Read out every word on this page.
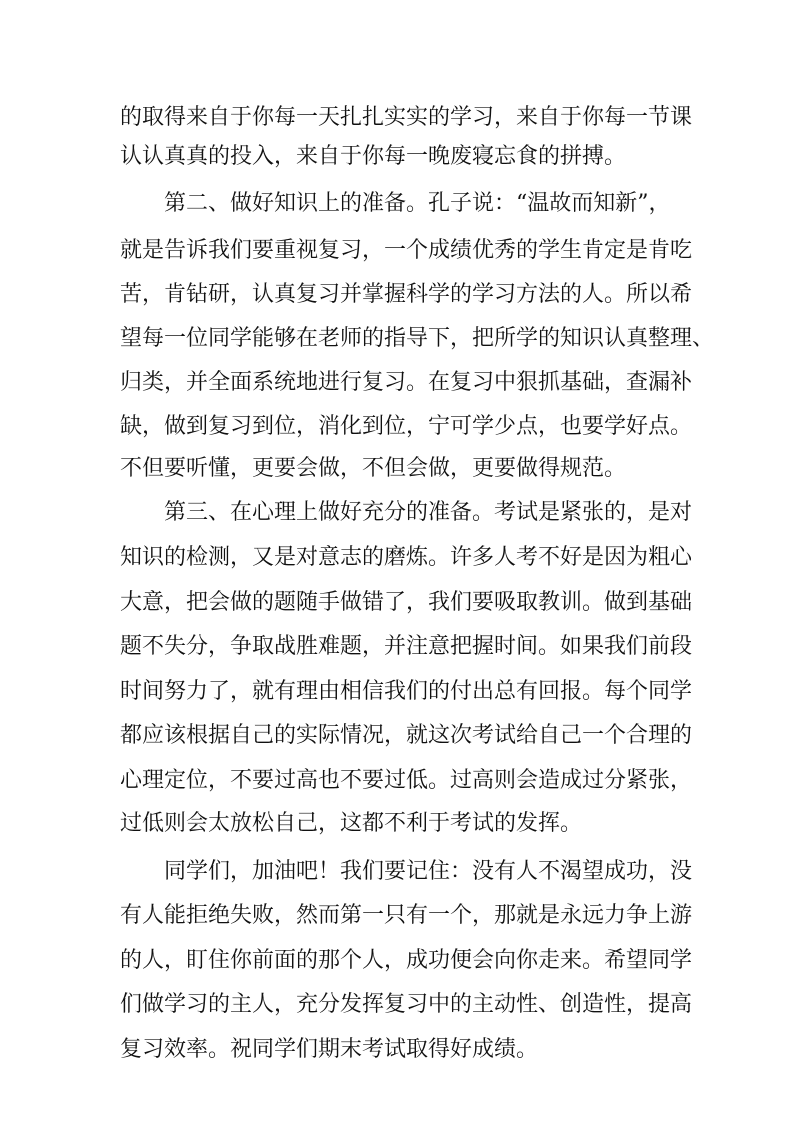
的取得来自于你每一天扎扎实实的学习，来自于你每一节课
认认真真的投入，来自于你每一晚废寝忘食的拼搏。
第二、做好知识上的准备。孔子说：“温故而知新”，
就是告诉我们要重视复习，一个成绩优秀的学生肯定是肯吃
苦，肯钻研，认真复习并掌握科学的学习方法的人。所以希
望每一位同学能够在老师的指导下，把所学的知识认真整理、
归类，并全面系统地进行复习。在复习中狠抓基础，查漏补
缺，做到复习到位，消化到位，宁可学少点，也要学好点。
不但要听懂，更要会做，不但会做，更要做得规范。
第三、在心理上做好充分的准备。考试是紧张的，是对
知识的检测，又是对意志的磨炼。许多人考不好是因为粗心
大意，把会做的题随手做错了，我们要吸取教训。做到基础
题不失分，争取战胜难题，并注意把握时间。如果我们前段
时间努力了，就有理由相信我们的付出总有回报。每个同学
都应该根据自己的实际情况，就这次考试给自己一个合理的
心理定位，不要过高也不要过低。过高则会造成过分紧张，
过低则会太放松自己，这都不利于考试的发挥。
同学们，加油吧！我们要记住：没有人不渴望成功，没
有人能拒绝失败，然而第一只有一个，那就是永远力争上游
的人，盯住你前面的那个人，成功便会向你走来。希望同学
们做学习的主人，充分发挥复习中的主动性、创造性，提高
复习效率。祝同学们期末考试取得好成绩。
